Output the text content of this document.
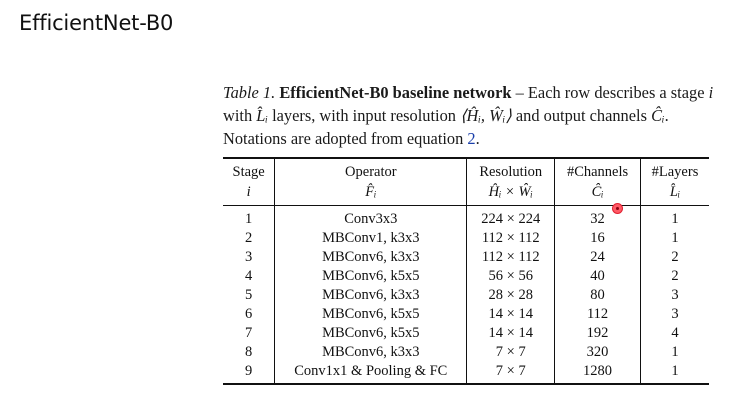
EfficientNet-B0
Table 1. EfficientNet-B0 baseline network – Each row describes a stage i with L̂ᵢ layers, with input resolution ⟨Ĥᵢ, Ŵᵢ⟩ and output channels Ĉᵢ. Notations are adopted from equation 2.
Stage	Operator	Resolution	#Channels	#Layers
i	F̂ᵢ	Ĥᵢ × Ŵᵢ	Ĉᵢ	L̂ᵢ
1	Conv3x3	224 × 224	32	1
2	MBConv1, k3x3	112 × 112	16	1
3	MBConv6, k3x3	112 × 112	24	2
4	MBConv6, k5x5	56 × 56	40	2
5	MBConv6, k3x3	28 × 28	80	3
6	MBConv6, k5x5	14 × 14	112	3
7	MBConv6, k5x5	14 × 14	192	4
8	MBConv6, k3x3	7 × 7	320	1
9	Conv1x1 & Pooling & FC	7 × 7	1280	1
